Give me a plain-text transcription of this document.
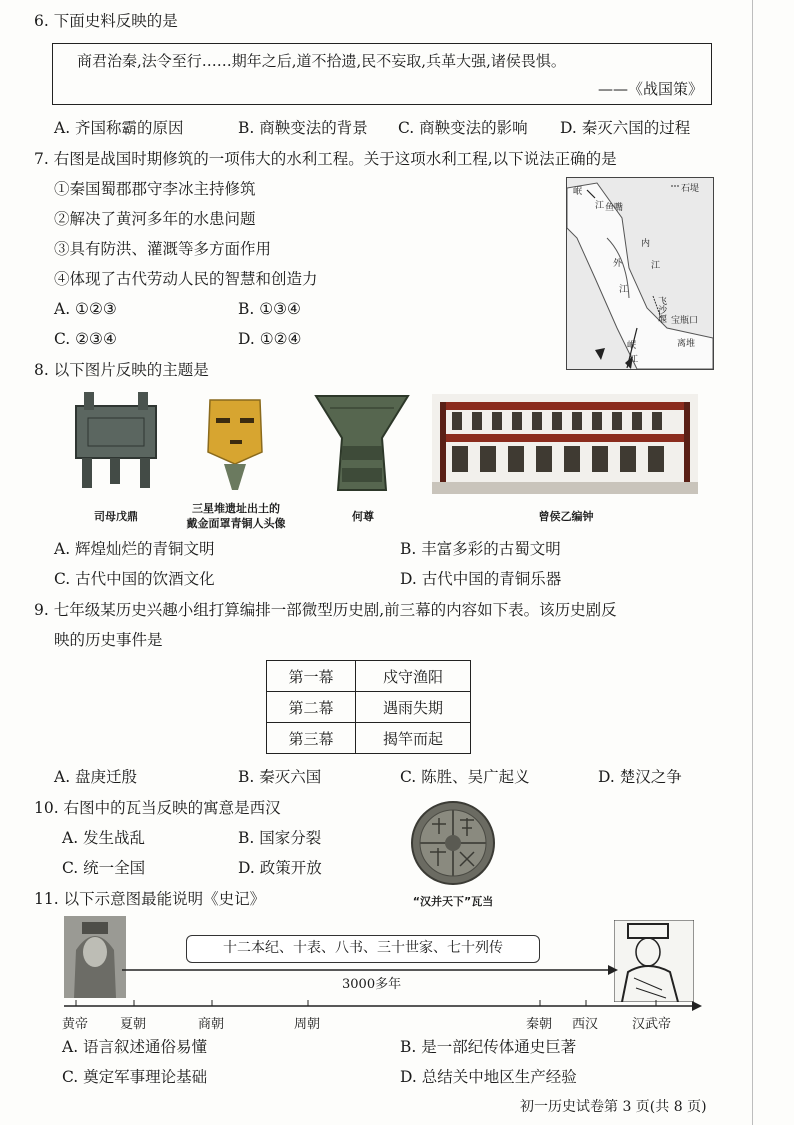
6. 下面史料反映的是
商君治秦,法令至行……期年之后,道不拾遗,民不妄取,兵革大强,诸侯畏惧。
——《战国策》
A. 齐国称霸的原因	B. 商鞅变法的背景 C. 商鞅变法的影响 D. 秦灭六国的过程
7. 右图是战国时期修筑的一项伟大的水利工程。关于这项水利工程,以下说法正确的是
①秦国蜀郡郡守李冰主持修筑
②解决了黄河多年的水患问题
③具有防洪、灌溉等多方面作用
④体现了古代劳动人民的智慧和创造力
A. ①②③	B. ①③④
C. ②③④	D. ①②④
石堤
岷
江 鱼嘴
内
江
外
江
飞沙堰 宝瓶口
离堆
岷
江
8. 以下图片反映的主题是
司母戊鼎
三星堆遗址出土的
戴金面罩青铜人头像
何尊	曾侯乙编钟
A. 辉煌灿烂的青铜文明	B. 丰富多彩的古蜀文明
C. 古代中国的饮酒文化	D. 古代中国的青铜乐器
9. 七年级某历史兴趣小组打算编排一部微型历史剧,前三幕的内容如下表。该历史剧反
映的历史事件是
第一幕	戍守渔阳
第二幕	遇雨失期
第三幕	揭竿而起
A. 盘庚迁殷	B. 秦灭六国	C. 陈胜、吴广起义	D. 楚汉之争
10. 右图中的瓦当反映的寓意是西汉
A. 发生战乱	B. 国家分裂
C. 统一全国	D. 政策开放
“汉并天下”瓦当
11. 以下示意图最能说明《史记》
十二本纪、十表、八书、三十世家、七十列传
3000多年
黄帝 夏朝	商朝	周朝	秦朝 西汉	汉武帝
A. 语言叙述通俗易懂	B. 是一部纪传体通史巨著
C. 奠定军事理论基础	D. 总结关中地区生产经验
初一历史试卷第 3 页(共 8 页)
